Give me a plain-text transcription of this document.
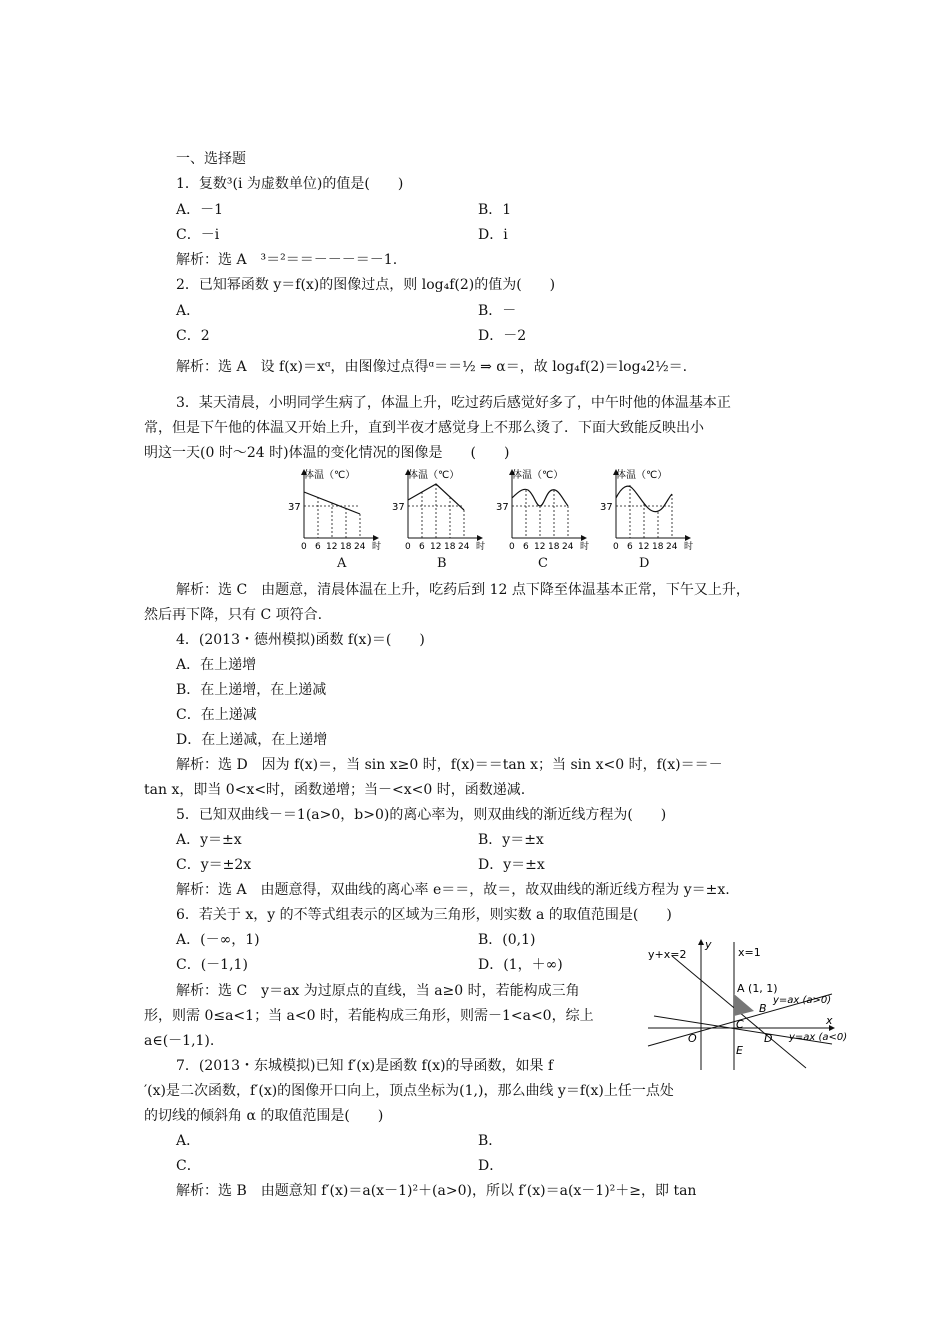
一、选择题
1．复数³(i 为虚数单位)的值是(　　)
A．－1	B．1
C．－i	D．i
解析：选 A　³＝²＝＝－－－＝－1.
2．已知幂函数 y＝f(x)的图像过点，则 log₄f(2)的值为(　　)
A．	B．－
C．2	D．－2
解析：选 A　设 f(x)＝xᵅ，由图像过点得ᵅ＝＝½ ⇒ α＝，故 log₄f(2)＝log₄2½＝.
3．某天清晨，小明同学生病了，体温上升，吃过药后感觉好多了，中午时他的体温基本正
常，但是下午他的体温又开始上升，直到半夜才感觉身上不那么烫了．下面大致能反映出小
明这一天(0 时～24 时)体温的变化情况的图像是　　(　　)
体温（℃）
37
0 6 12 18 24 时
体温（℃）
37
0 6 12 18 24 时
体温（℃）
37
0 6 12 18 24 时
体温（℃）
37
0 6 12 18 24 时
A	B	C	D
解析：选 C　由题意，清晨体温在上升，吃药后到 12 点下降至体温基本正常，下午又上升，
然后再下降，只有 C 项符合.
4．(2013・德州模拟)函数 f(x)＝(　　)
A．在上递增
B．在上递增，在上递减
C．在上递减
D．在上递减，在上递增
解析：选 D　因为 f(x)＝，当 sin x≥0 时，f(x)＝＝tan x；当 sin x<0 时，f(x)＝＝－
tan x，即当 0<x<时，函数递增；当－<x<0 时，函数递减.
5．已知双曲线－＝1(a>0，b>0)的离心率为，则双曲线的渐近线方程为(　　)
A．y＝±x	B．y＝±x
C．y＝±2x	D．y＝±x
解析：选 A　由题意得，双曲线的离心率 e＝＝，故＝，故双曲线的渐近线方程为 y＝±x.
6．若关于 x，y 的不等式组表示的区域为三角形，则实数 a 的取值范围是(　　)
A．(－∞，1)	B．(0,1)
C．(－1,1)	D．(1，＋∞)
解析：选 C　y＝ax 为过原点的直线，当 a≥0 时，若能构成三角
形，则需 0≤a<1；当 a<0 时，若能构成三角形，则需－1<a<0，综上
a∈(－1,1).
y+x=2	x=1
y
x
O
A (1, 1)
B
C
D
E
y=ax (a>0)
y=ax (a<0)
7．(2013・东城模拟)已知 f′(x)是函数 f(x)的导函数，如果 f
′(x)是二次函数，f′(x)的图像开口向上，顶点坐标为(1,)，那么曲线 y＝f(x)上任一点处
的切线的倾斜角 α 的取值范围是(　　)
A．	B．
C．	D．
解析：选 B　由题意知 f′(x)＝a(x－1)²＋(a>0)，所以 f′(x)＝a(x－1)²＋≥，即 tan
